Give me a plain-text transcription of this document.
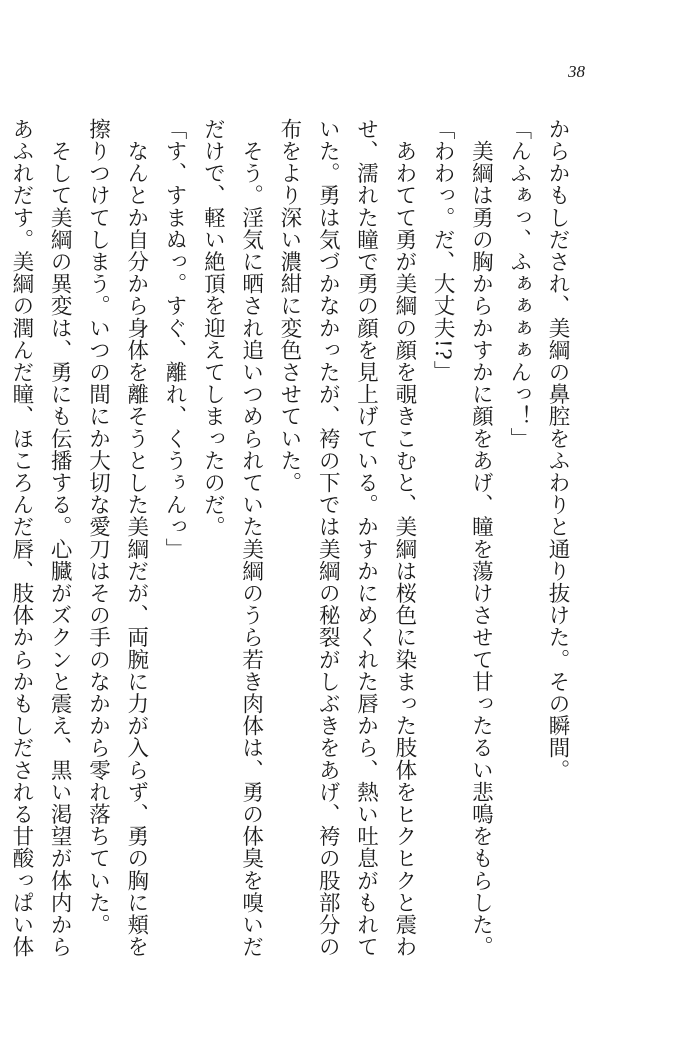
38

からかもしだされ、美綱の鼻腔をふわりと通り抜けた。その瞬間。

「んふぁっ、ふぁぁぁぁんっ！」

　美綱は勇の胸からかすかに顔をあげ、瞳を蕩けさせて甘ったるい悲鳴をもらした。

「わわっ。だ、大丈夫!?」

　あわてて勇が美綱の顔を覗きこむと、美綱は桜色に染まった肢体をヒクヒクと震わ

せ、濡れた瞳で勇の顔を見上げている。かすかにめくれた唇から、熱い吐息がもれて

いた。勇は気づかなかったが、袴の下では美綱の秘裂がしぶきをあげ、袴の股部分の

布をより深い濃紺に変色させていた。

　そう。淫気に晒され追いつめられていた美綱のうら若き肉体は、勇の体臭を嗅いだ

だけで、軽い絶頂を迎えてしまったのだ。

「す、すまぬっ。すぐ、離れ、くうぅんっ」

　なんとか自分から身体を離そうとした美綱だが、両腕に力が入らず、勇の胸に頬を

擦りつけてしまう。いつの間にか大切な愛刀はその手のなかから零れ落ちていた。

　そして美綱の異変は、勇にも伝播する。心臓がズクンと震え、黒い渇望が体内から

あふれだす。美綱の潤んだ瞳、ほころんだ唇、肢体からかもしだされる甘酸っぱい体
